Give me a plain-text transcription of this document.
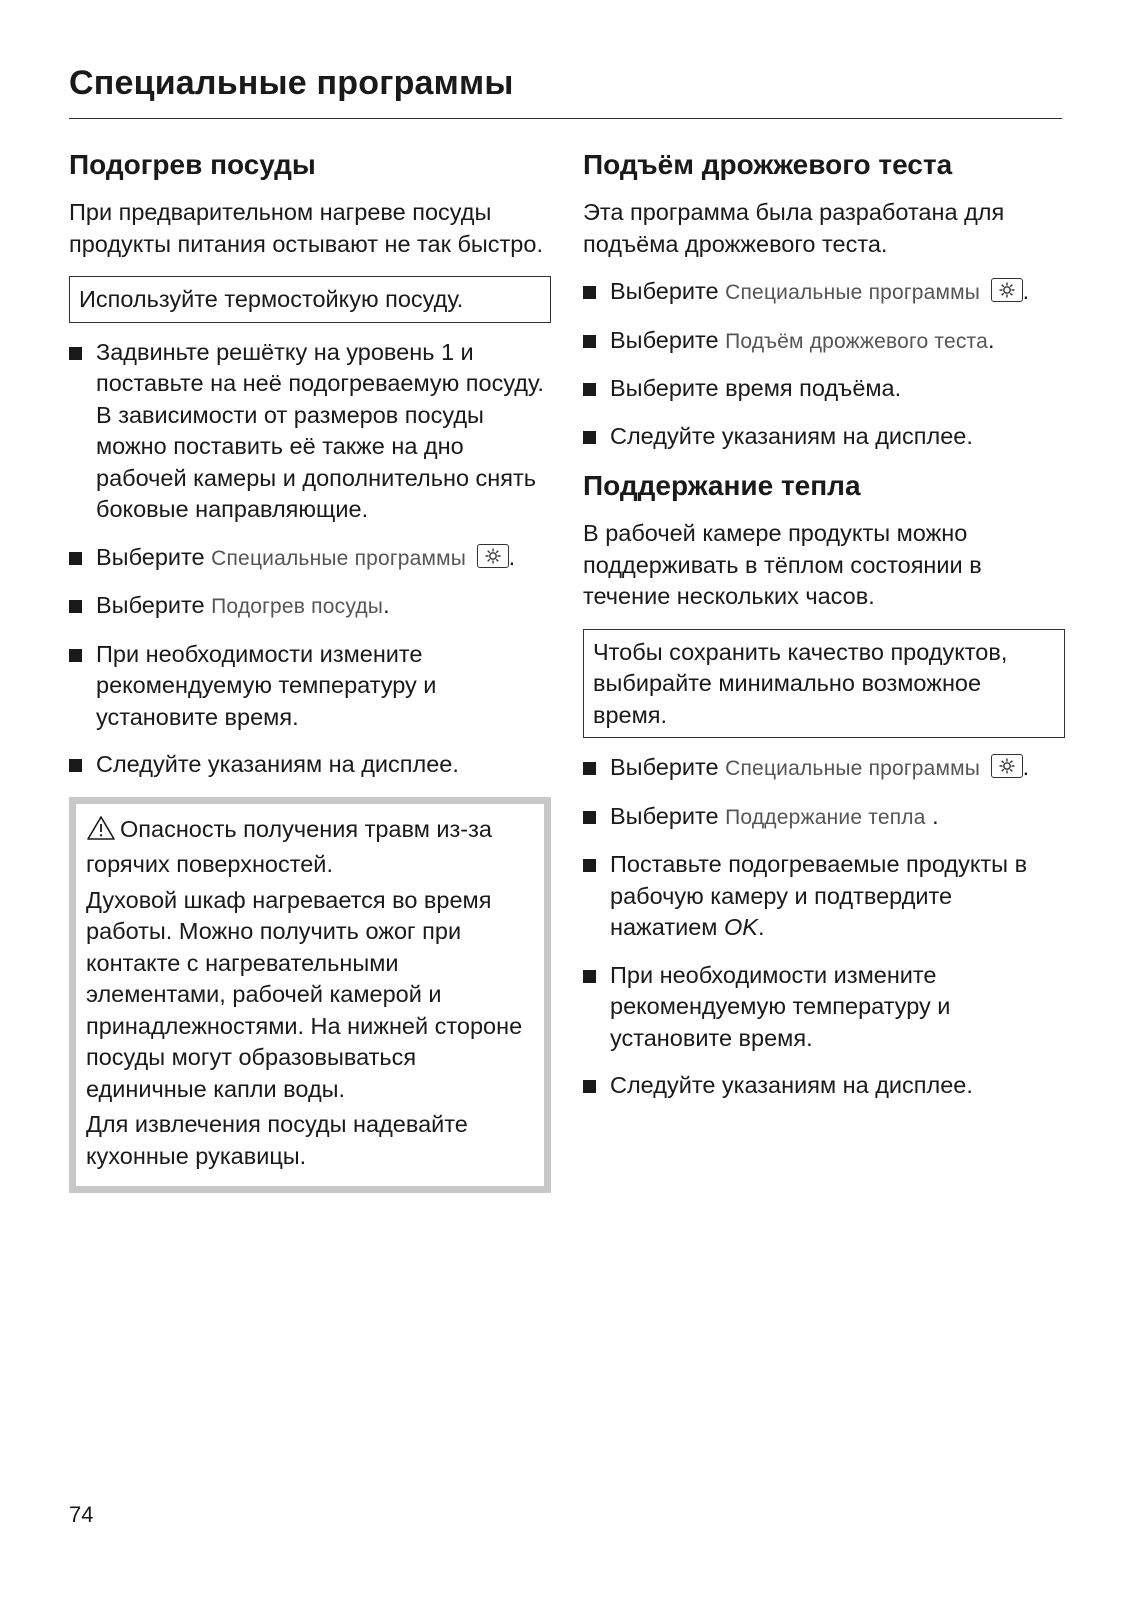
Специальные программы
Подогрев посуды

При предварительном нагреве посуды продукты питания остывают не так быстро.

Используйте термостойкую посуду.
Задвиньте решётку на уровень 1 и поставьте на неё подогреваемую посуду. В зависимости от размеров посуды можно поставить её также на дно рабочей камеры и дополнительно снять боковые направляющие.
Выберите Специальные программы .
Выберите Подогрев посуды.
При необходимости измените рекомендуемую температуру и установите время.
Следуйте указаниям на дисплее.
Опасность получения травм из-за горячих поверхностей.

Духовой шкаф нагревается во время работы. Можно получить ожог при контакте с нагревательными элементами, рабочей камерой и принадлежностями. На нижней стороне посуды могут образовываться единичные капли воды.

Для извлечения посуды надевайте кухонные рукавицы.

Подъём дрожжевого теста

Эта программа была разработана для подъёма дрожжевого теста.

Выберите Специальные программы .
Выберите Подъём дрожжевого теста.
Выберите время подъёма.
Следуйте указаниям на дисплее.
Поддержание тепла

В рабочей камере продукты можно поддерживать в тёплом состоянии в течение нескольких часов.

Чтобы сохранить качество продуктов, выбирайте минимально возможное время.
Выберите Специальные программы .
Выберите Поддержание тепла .
Поставьте подогреваемые продукты в рабочую камеру и подтвердите нажатием OK.
При необходимости измените рекомендуемую температуру и установите время.
Следуйте указаниям на дисплее.
74
